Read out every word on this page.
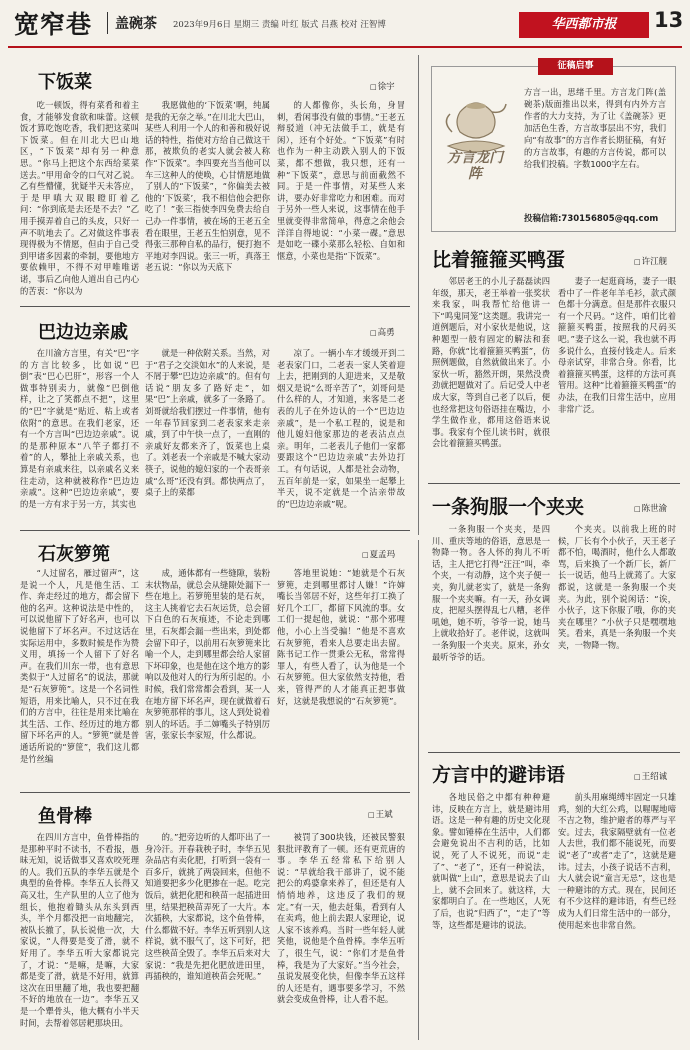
宽窄巷 盖碗茶 2023年9月6日 星期三 责编 叶红 版式 吕燕 校对 汪智博	华西都市报	13
下饭菜	□ 徐宇

吃一顿饭，得有菜肴和着主食，才能够发食欲和味蕾。这顿饭才算吃饱吃香，我们把这菜叫下饭菜。但在川北大巴山地区，“下饭菜”却有另一种意思。“你马上把这个东西给菜菜送去。”甲用命令的口气对乙说。乙有些懵懂，犹疑半天未答应，于是甲嗔大双眼瞪盯着乙问：“你到底是去还是不去？”乙用手摸弄着自己的头皮，只好一声不吭地去了。乙对做这件事表现得极为不情愿，但由于自己受到甲诸多因素的牵制，要他地方要依赖甲，不得不对甲唯唯诺诺，事后乙向他人道出自己内心的苦衷：“你以为

我愿做他的‘下饭菜’啊，纯属是我的无奈之举。”在川北大巴山，某些人利用一个人的和善和极好说话的特性，指使对方给自己做这干那，被欺负的老实人就会被人称作“下饭菜”。李四要充当当他可以车三这种人的使唤，心甘情愿地做了别人的“下饭菜”，“你偏美去被他的‘下饭菜’，我不相信他会把你吃了！”张三指使李四免费去给自己办一件事情，被在场的王老五全看在眼里，王老五生怕别意，见不得张三那种自私的品行，便打抱不平地对李四说。张三一听，真落王老五说：“你以为天底下

的人都像你，头长角，身冒刺，看闲事没有做的事情。”王老五辩驳道（冲无法做手工，就是有闲），还有个好处。“下饭菜”有时也作为一种主动跌入别人的下饭菜，都不想做，我只想，还有一种“下饭菜”，意思与前面截然不同。于是一件事情，对某些人来讲，要办好非常吃力和困难。而对于另外一些人来说，这事情在他手里就变得非常简单，得意之余他会洋洋自得地说：“小菜一碟。”意思是如吃一碟小菜那么轻松、自如和惬意，小菜也是指“下饭菜”。

巴边边亲戚	□ 高勇

在川渝方言里，有关“巴”字的方言比较多，比如说“巴倒”表“巴心巴肝”，形容一个人做事特别卖力，就像“巴倒他样，让之了笑都点不把”，这里的“巴”字就是“贴近、粘上或者依附”的意思。在我们老家，还有一个方言叫“巴边边亲戚”。说的是那种原本“八竿子都打不着”的人，攀扯上亲戚关系，也算是有亲戚来往，以亲戚名义来往走动，这种就被称作“巴边边亲戚”。这种“巴边边亲戚”，要的是一方有求于另一方，其实也

就是一种依附关系。当然，对于“君子之交淡如水”的人来说，是不屑于攀“巴边边亲戚”的。但有句话说“朋友多了路好走”，如果“巴”上亲戚，就多了一条路了。刘哥就给我们摆过一件事情，他有一年春节回家到二老表家来走亲戚，到了中午快一点了，一直刚的亲戚好友都来齐了，饭菜也上桌了。刘老表一个亲戚是不喊大家动筷子，说他的媳妇家的一个表哥亲戚“么哥”还没有到。都快两点了，桌子上的菜都

凉了。一辆小车才缓缓开到二老表家门口，二老表一家人笑着迎上去，把刚到的人迎进来，又是敬烟又是说“么哥辛苦了”，刘哥问是什么样的人，才知道，来客是二老表的儿子在外边认的一个“巴边边亲戚”，是一个私工程的，说是和他儿媳妇他家那边的老表沾点点亲。明年，二老表儿子他们一家都要跟这个“巴边边亲戚”去外边打工。有句话说，人都是社会动物，五百年前是一家，如果坐一起攀上半天，说不定就是一个沾亲带故的“巴边边亲戚”呢。

石灰箩篼	□ 夏孟玛

“人过留名，雁过留声”，这是说一个人，凡是他生活、工作、奔走经过的地方，都会留下他的名声。这种说法是中性的，可以说他留下了好名声，也可以说他留下了坏名声。不过这话在实际运用中，多数时候是作为赞义用，填扬一个人留下了好名声。在我们川东一带，也有意思类似于“人过留名”的说法，那就是“石灰箩篼”。这是一个名词性短语，用来比喻人，只不过在我们的方言中，往往是用来比喻在其生活、工作、经历过的地方都留下坏名声的人。“箩篼”就是普通话所说的“箩筐”，我们这儿都是竹丝编

成，通体都有一些缝隙，装粉末状物品，就总会从缝隙处漏下一些在地上。若箩篼里装的是石灰，这主人挑着它去石灰运货，总会留下白色的石灰痕迹，不论走到哪里，石灰都会漏一些出来，到处都会留下印子，以前用石灰箩篼来比喻一个人，走到哪里都会给人家留下坏印象，也是他在这个地方的影响以及他对人的行为所引起的。小时候，我们常常都会看到，某一人在地方留下坏名声，现在就做着石灰箩篼那样的事儿，这人到处说着别人的坏话。手二婶嘴头子特别厉害，张家长李家短，什么都说。

答地里说她：“她就是个石灰箩篼，走到哪里都讨人嫌！”许婶嘴长当邻居不好，这些年打工换了好几个工厂，都留下风流的事。女工们一提起他，就说：“那个邪哩他，小心上当受骗！”他是不喜欢石灰箩篼，看来人总要走出去留。陈书记工作一贯秉公无私，常常得罪人，有些人看了，认为他是一个石灰箩篼。但大家依然支持他，看来，管得严的人才能真正把事做好，这就是我想说的“石灰箩篼”。

鱼骨棒	□ 王斌

在四川方言中，鱼骨棒指的是那种平时不读书，不看报，愚昧无知，说话做事又喜欢咬死理的人。我们五队的李华五就是个典型的鱼骨棒。李华五人长得又高又壮，生产队里的人立了他为组长，他抱着锄头从东头到西头，半个月都没把一亩地翻完，被队长撤了，队长说他一次，大家说，“人得要是变了滑，就不好用了。李华五听大家都说完了，才说：“是嘛，是嘛，大家都是变了滑，就是不好用，就算这次在田里翻了地，我也要把翻不好的地放在一边”。李华五又是一个犟骨头，他大概有小半天时间，去帮着邻居耙那块田。

的。”把旁边听的人都吓出了一身冷汗。开春栽秧子时，李华五见杂品店有卖化肥，打听到一袋有一百多斤，就挑了两袋回来，但他不知道要把多少化肥掺在一起。吃完饭后，就把化肥和秧苗一起插进田里，结果把秧苗弄死了一大片。本次插秧，大家都说，这个鱼骨棒，什么都做不好。李华五听到别人这样说，就不服气了，这下可好，把这些秧苗全毁了。李华五后来对大家说：“我是先把化肥放进田里，再插秧的，谁知道秧苗会死呢。”

被罚了300块钱，还被民警狠狠批评教育了一顿。还有更荒唐的事。李华五经常私下给别人说：“早就给我干部讲了，说不能把公的鸡婆拿来养了，但还是有人悄悄地养，这违反了我们的规定。”有一天，他去赶集，看到有人在卖鸡，他上前去跟人家理论，说人家不该养鸡。当时一些年轻人就笑他，说他是个鱼骨棒。李华五听了，很生气，说：“你们才是鱼骨棒，我是为了大家好。”当今社会，虽说发展变化快，但像李华五这样的人还是有，遇事要多学习，不然就会变成鱼骨棒，让人看不起。

征稿启事
方言龙门阵
方言一出，思绪千里。方言龙门阵(盖碗茶)版面推出以来，得到有内外方言作者的大力支持，为了让《盖碗茶》更加活色生香，方言故事层出不穷，我们向“有故事”的方言作者长期征稿，有好的方言故事，有趣的方言传说，都可以给我们投稿。字数1000字左右。
投稿信箱:730156805@qq.com
比着箍箍买鸭蛋	□ 许江舰

邻居老王的小儿子磊磊读四年级，那天，老王举着一张奖状来我家，叫我帮忙给他讲一下“鸣鬼同笼”这类题。我讲完一道例题后，对小家伙是他说，这种题型一般有固定的解法和套路，你就“比着箍箍买鸭蛋”，仿照例题做，自然就做出来了。小家伙一听，豁然开朗，果然没费劲就把题做对了。后记受人中老成大家，等到自己老了以后，便也经常把这句俗语挂在嘴边，小学生做作业，都用这俗语来说事。我家有个侄儿读书时，就很会比着箍箍买鸭蛋。

妻子一起逛商场，妻子一眼看中了一件老年羊毛衫，款式颜色都十分满意。但是那件衣服只有一个尺码。“这件，咱们比着箍箍买鸭蛋，按照我的尺码买吧。”妻子这么一说，我也就不再多说什么，直接付钱走人。后来母亲试穿，非常合身。你看，比着箍箍买鸭蛋，这样的方法可真管用。这种“比着箍箍买鸭蛋”的办法，在我们日常生活中，应用非常广泛。

一条狗服一个夹夹	□ 陈世渝

一条狗服一个夹夹，是四川、重庆等地的俗语，意思是一物降一物。各人怀的狗儿不听话，主人把它打得“汪汪”叫，牵个夹，一有动静，这个夹子便一夹，狗儿就老实了，就是一条狗服一个夹夹嘛。有一天，孙女调皮，把屋头摆得乱七八糟，老伴吼她，她不听，爷爷一说，她马上就收拾好了。老伴说，这就叫一条狗服一个夹夹。原来，孙女最听爷爷的话。

个夹夹。以前我上班的时候，厂长有个小伙子，天王老子都不怕，喝酒时，他什么人都敢骂，后来换了一个新厂长，新厂长一说话，他马上就蔫了。大家都说，这就是一条狗服一个夹夹。为此，别个说闲话：“诶，小伙子，这下你服了哦，你的夹夹在哪里？”小伙子只是嘿嘿地笑。看来，真是一条狗服一个夹夹，一物降一物。

方言中的避讳语	□ 王绍诚

各地民俗之中都有种种避讳，反映在方言上，就是避讳用语。这是一种有趣的历史文化现象。譬如锤棒在生活中，人们都会避免说出不吉利的话，比如说，死了人不说死，而说“走了”、“老了”，还有一种说法，就叫做“上山”，意思是说去了山上，就不会回来了。就这样，大家都明白了。在一些地区，人死了后，也说“归西了”，“走了”等等，这些都是避讳的说法。

前头用麻绳缚牢固定一只雄鸡，刻的大红公鸡，以喔喔地啼不吉之物，维护避者的尊严与平安。过去，我家隔壁就有一位老人去世，我们都不能说死，而要说“老了”或者“走了”，这就是避讳。过去，小孩子说话不吉利，大人就会说“童言无忌”，这也是一种避讳的方式。现在，民间还有不少这样的避讳语，有些已经成为人们日常生活中的一部分，使用起来也非常自然。
